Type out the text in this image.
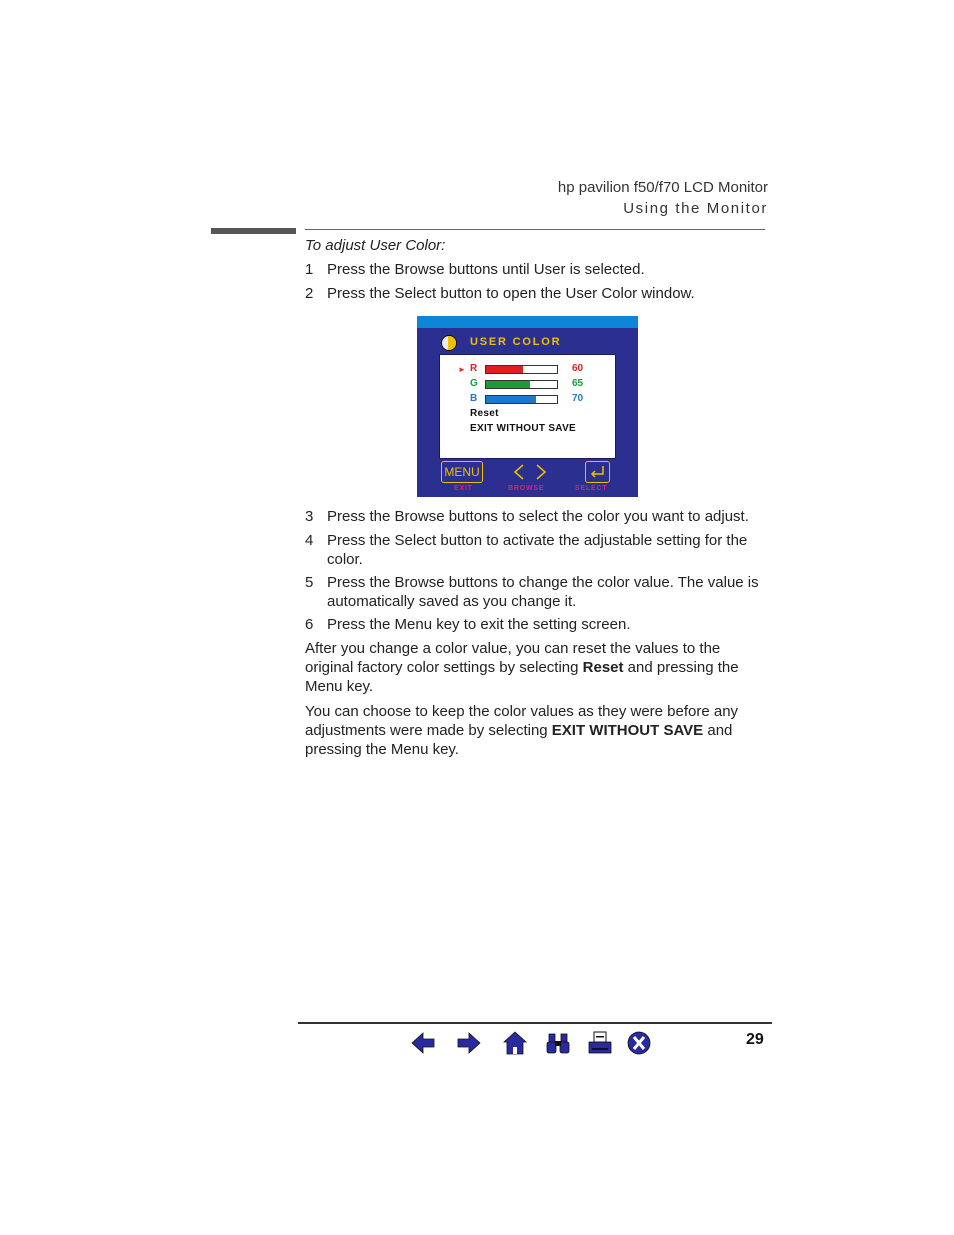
hp pavilion f50/f70 LCD Monitor
Using the Monitor
To adjust User Color:
1 Press the Browse buttons until User is selected.
2 Press the Select button to open the User Color window.
USER COLOR
► R	60
G	65
B	70
Reset
EXIT WITHOUT SAVE
MENU
EXIT	BROWSE	SELECT
3 Press the Browse buttons to select the color you want to adjust.
4 Press the Select button to activate the adjustable setting for the color.
5 Press the Browse buttons to change the color value. The value is automatically saved as you change it.
6 Press the Menu key to exit the setting screen.
After you change a color value, you can reset the values to the original factory color settings by selecting Reset and pressing the Menu key.
You can choose to keep the color values as they were before any adjustments were made by selecting EXIT WITHOUT SAVE and pressing the Menu key.
29
